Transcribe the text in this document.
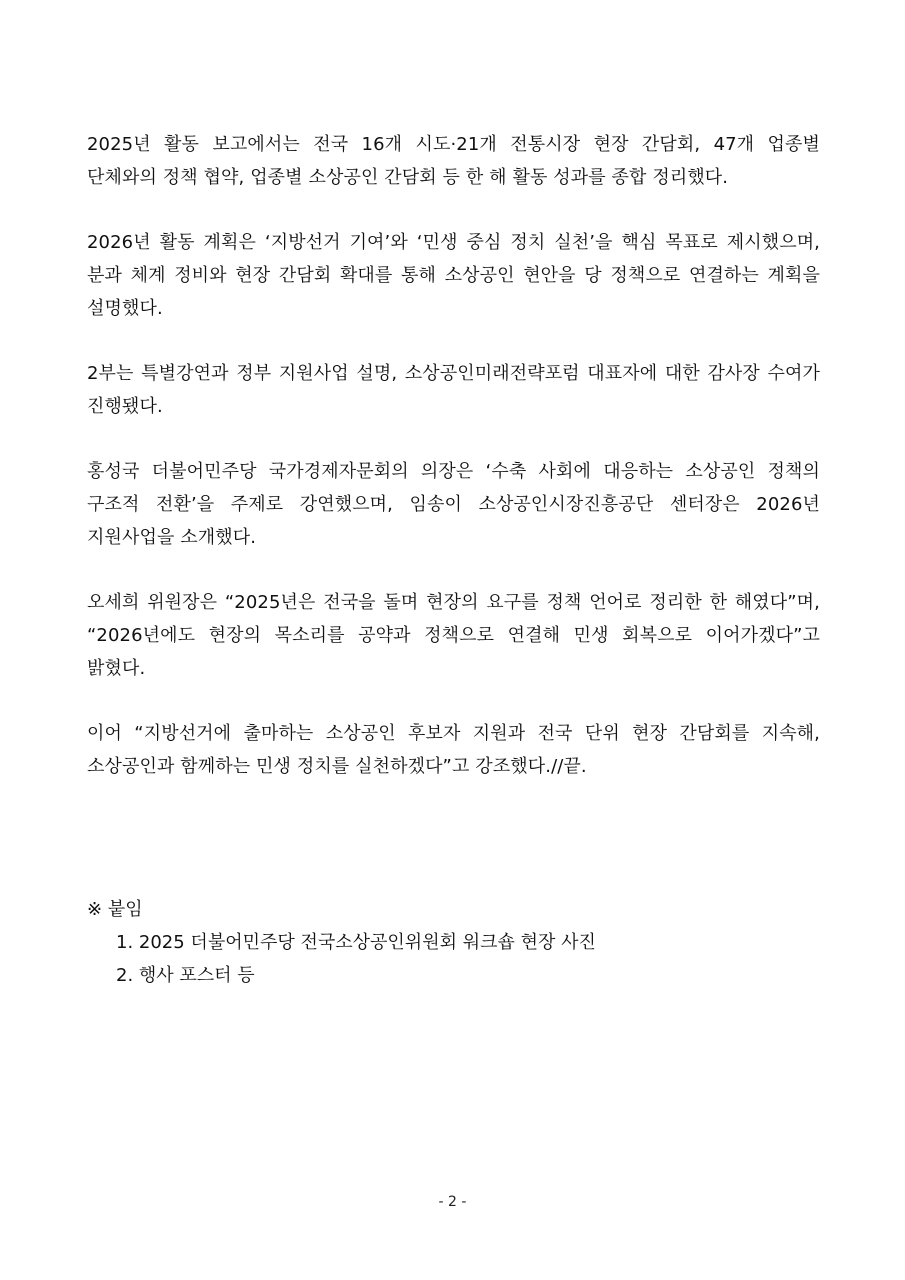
2025년 활동 보고에서는 전국 16개 시도·21개 전통시장 현장 간담회, 47개 업종별 단체와의 정책 협약, 업종별 소상공인 간담회 등 한 해 활동 성과를 종합 정리했다.

2026년 활동 계획은 ‘지방선거 기여’와 ‘민생 중심 정치 실천’을 핵심 목표로 제시했으며, 분과 체계 정비와 현장 간담회 확대를 통해 소상공인 현안을 당 정책으로 연결하는 계획을 설명했다.

2부는 특별강연과 정부 지원사업 설명, 소상공인미래전략포럼 대표자에 대한 감사장 수여가 진행됐다.

홍성국 더불어민주당 국가경제자문회의 의장은 ‘수축 사회에 대응하는 소상공인 정책의 구조적 전환’을 주제로 강연했으며, 임송이 소상공인시장진흥공단 센터장은 2026년 지원사업을 소개했다.

오세희 위원장은 “2025년은 전국을 돌며 현장의 요구를 정책 언어로 정리한 한 해였다”며, “2026년에도 현장의 목소리를 공약과 정책으로 연결해 민생 회복으로 이어가겠다”고 밝혔다.

이어 “지방선거에 출마하는 소상공인 후보자 지원과 전국 단위 현장 간담회를 지속해, 소상공인과 함께하는 민생 정치를 실천하겠다”고 강조했다.//끝.

※ 붙임

1. 2025 더불어민주당 전국소상공인위원회 워크숍 현장 사진
2. 행사 포스터 등
- 2 -
